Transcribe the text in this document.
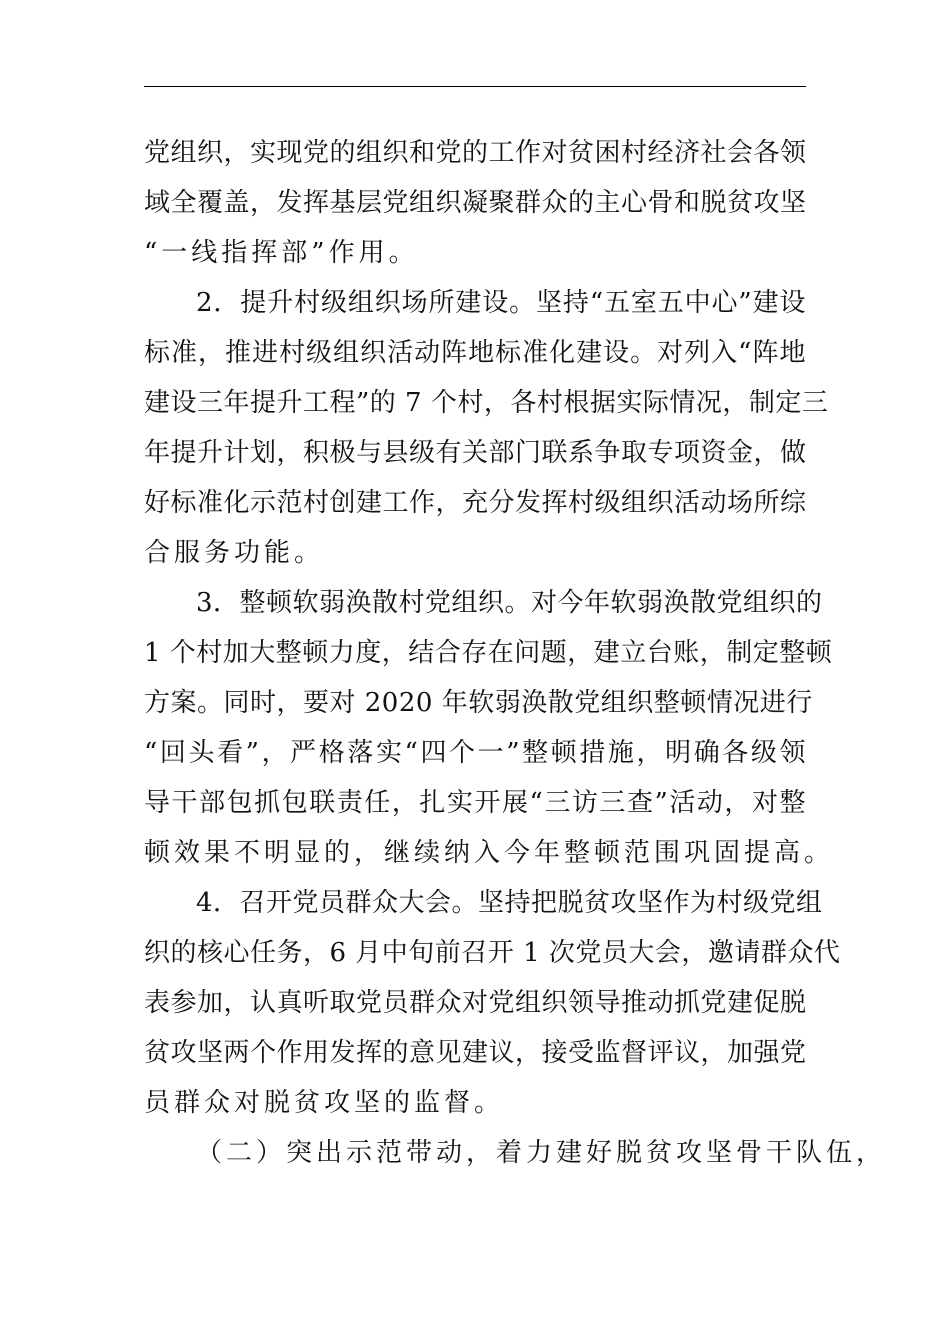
党组织，实现党的组织和党的工作对贫困村经济社会各领
域全覆盖，发挥基层党组织凝聚群众的主心骨和脱贫攻坚
“一线指挥部”作用。
2．提升村级组织场所建设。坚持“五室五中心”建设
标准，推进村级组织活动阵地标准化建设。对列入“阵地
建设三年提升工程”的 7 个村，各村根据实际情况，制定三
年提升计划，积极与县级有关部门联系争取专项资金，做
好标准化示范村创建工作，充分发挥村级组织活动场所综
合服务功能。
3．整顿软弱涣散村党组织。对今年软弱涣散党组织的
1 个村加大整顿力度，结合存在问题，建立台账，制定整顿
方案。同时，要对 2020 年软弱涣散党组织整顿情况进行
“回头看”，严格落实“四个一”整顿措施，明确各级领
导干部包抓包联责任，扎实开展“三访三查”活动，对整
顿效果不明显的，继续纳入今年整顿范围巩固提高。
4．召开党员群众大会。坚持把脱贫攻坚作为村级党组
织的核心任务，6 月中旬前召开 1 次党员大会，邀请群众代
表参加，认真听取党员群众对党组织领导推动抓党建促脱
贫攻坚两个作用发挥的意见建议，接受监督评议，加强党
员群众对脱贫攻坚的监督。
（二）突出示范带动，着力建好脱贫攻坚骨干队伍，
